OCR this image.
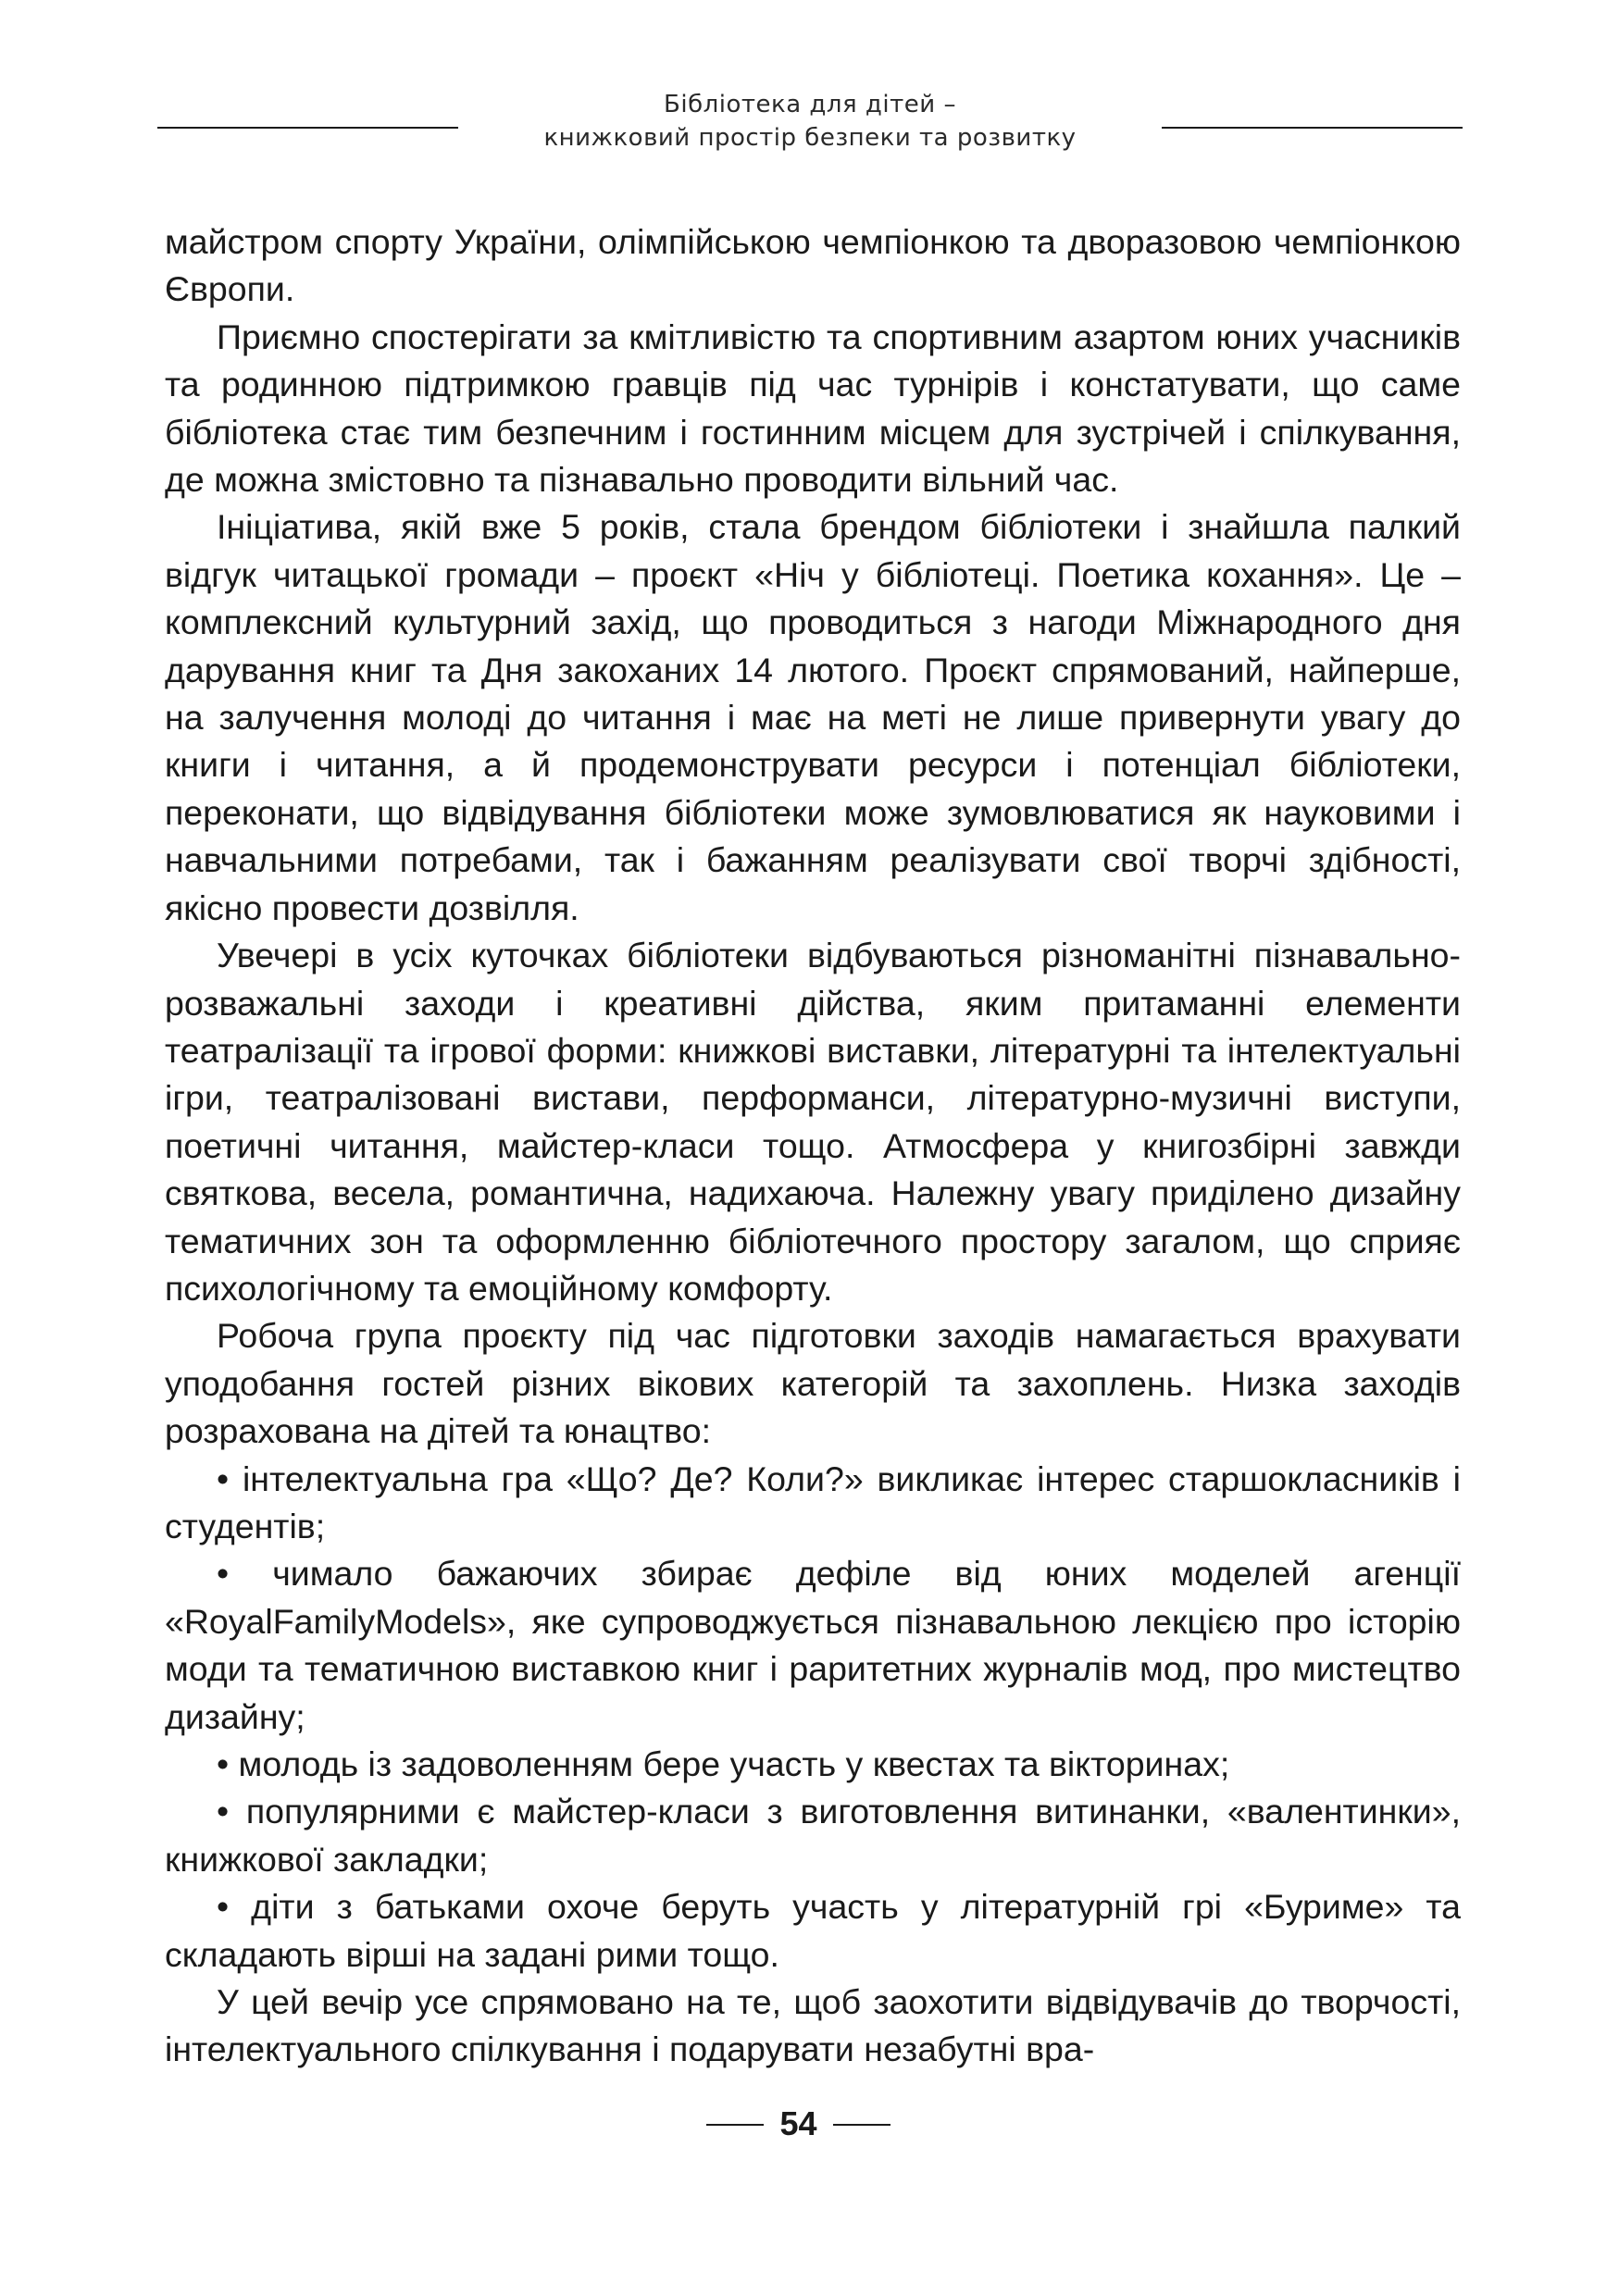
Бібліотека для дітей –
книжковий простір безпеки та розвитку

майстром спорту України, олімпійською чемпіонкою та дворазовою чемпіонкою Європи.

Приємно спостерігати за кмітливістю та спортивним азартом юних учасників та родинною підтримкою гравців під час турнірів і констатувати, що саме бібліотека стає тим безпечним і гостинним місцем для зустрічей і спілкування, де можна змістовно та пізнавально проводити вільний час.

Ініціатива, якій вже 5 років, стала брендом бібліотеки і знайшла палкий відгук читацької громади – проєкт «Ніч у бібліотеці. Поетика кохання». Це –комплексний культурний захід, що проводиться з нагоди Міжнародного дня дарування книг та Дня закоханих 14 лютого. Проєкт спрямований, найперше, на залучення молоді до читання і має на меті не лише привернути увагу до книги і читання, а й продемонструвати ресурси і потенціал бібліотеки, переконати, що відвідування бібліотеки може зумовлюватися як науковими і навчальними потребами, так і бажанням реалізувати свої творчі здібності, якісно провести дозвілля.

Увечері в усіх куточках бібліотеки відбуваються різноманітні пізнавально-розважальні заходи і креативні дійства, яким притаманні елементи театралізації та ігрової форми: книжкові виставки, літературні та інтелектуальні ігри, театралізовані вистави, перформанси, літературно-музичні виступи, поетичні читання, майстер-класи тощо. Атмосфера у книгозбірні завжди святкова, весела, романтична, надихаюча. Належну увагу приділено дизайну тематичних зон та оформленню бібліотечного простору загалом, що сприяє психологічному та емоційному комфорту.

Робоча група проєкту під час підготовки заходів намагається врахувати уподобання гостей різних вікових категорій та захоплень. Низка заходів розрахована на дітей та юнацтво:

• інтелектуальна гра «Що? Де? Коли?» викликає інтерес старшокласників і студентів;

• чимало бажаючих збирає дефіле від юних моделей агенції «RoyalFamilyModels», яке супроводжується пізнавальною лекцією про історію моди та тематичною виставкою книг і раритетних журналів мод, про мистецтво дизайну;

• молодь із задоволенням бере участь у квестах та вікторинах;

• популярними є майстер-класи з виготовлення витинанки, «валентинки», книжкової закладки;

• діти з батьками охоче беруть участь у літературній грі «Буриме» та складають вірші на задані рими тощо.

У цей вечір усе спрямовано на те, щоб заохотити відвідувачів до творчості, інтелектуального спілкування і подарувати незабутні вра-

54
